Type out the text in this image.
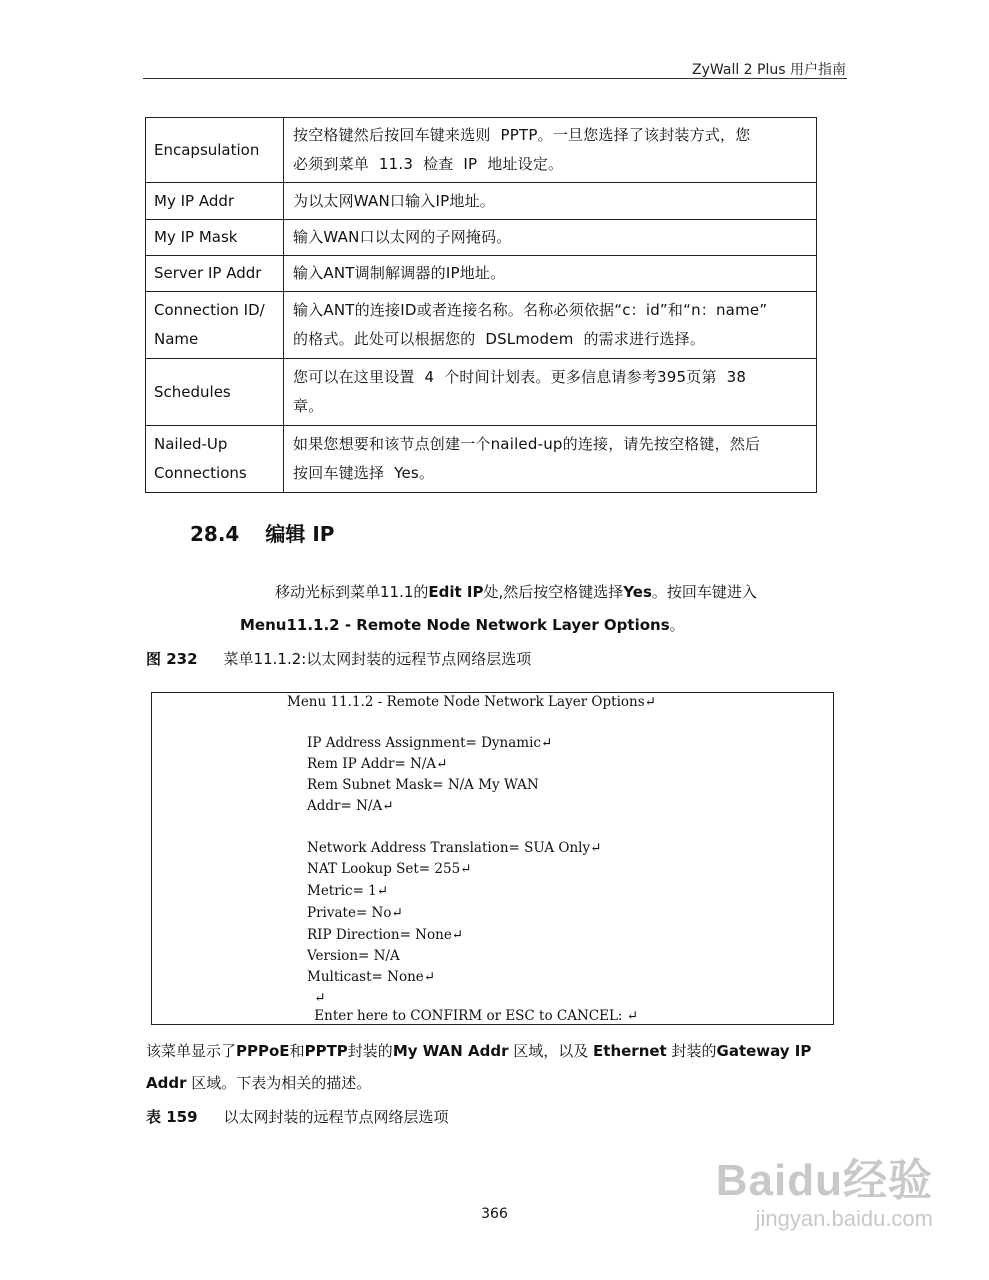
ZyWall 2 Plus 用户指南
Encapsulation	按空格键然后按回车键来选则  PPTP。一旦您选择了该封装方式，您
必须到菜单  11.3  检查  IP  地址设定。
My IP Addr	为以太网WAN口输入IP地址。
My IP Mask	输入WAN口以太网的子网掩码。
Server IP Addr	输入ANT调制解调器的IP地址。
Connection ID/
Name	输入ANT的连接ID或者连接名称。名称必须依据“c：id”和“n：name”
的格式。此处可以根据您的  DSLmodem  的需求进行选择。
Schedules	您可以在这里设置  4  个时间计划表。更多信息请参考395页第  38
章。
Nailed-Up
Connections	如果您想要和该节点创建一个nailed-up的连接，请先按空格键，然后
按回车键选择  Yes。
28.4 编辑 IP
移动光标到菜单11.1的Edit IP处,然后按空格键选择Yes。按回车键进入
Menu11.1.2 - Remote Node Network Layer Options。
图 232 菜单11.1.2:以太网封装的远程节点网络层选项
Menu 11.1.2 - Remote Node Network Layer Options↵
IP Address Assignment= Dynamic↵
Rem IP Addr= N/A↵
Rem Subnet Mask= N/A My WAN
Addr= N/A↵
Network Address Translation= SUA Only↵
NAT Lookup Set= 255↵
Metric= 1↵
Private= No↵
RIP Direction= None↵
Version= N/A
Multicast= None↵
↵
Enter here to CONFIRM or ESC to CANCEL: ↵
该菜单显示了PPPoE和PPTP封装的My WAN Addr 区域，以及 Ethernet 封装的Gateway IP
Addr 区域。下表为相关的描述。
表 159 以太网封装的远程节点网络层选项
366
Baidu经验
jingyan.baidu.com
